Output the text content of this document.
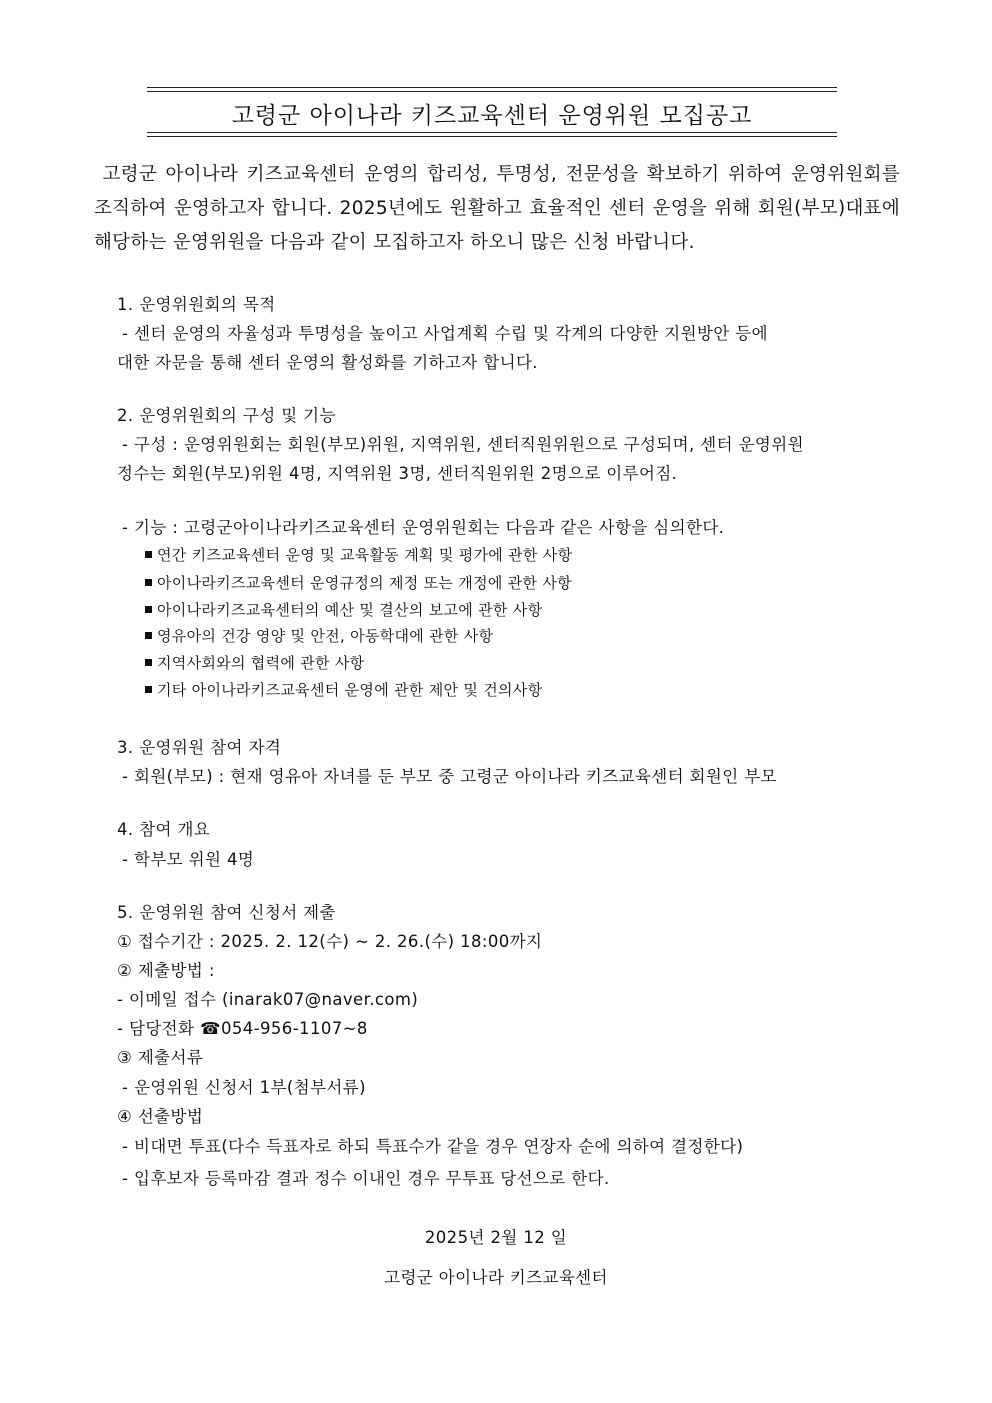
고령군 아이나라 키즈교육센터 운영위원 모집공고
고령군 아이나라 키즈교육센터 운영의 합리성, 투명성, 전문성을 확보하기 위하여 운영위원회를 조직하여 운영하고자 합니다. 2025년에도 원활하고 효율적인 센터 운영을 위해 회원(부모)대표에 해당하는 운영위원을 다음과 같이 모집하고자 하오니 많은 신청 바랍니다.
1. 운영위원회의 목적
- 센터 운영의 자율성과 투명성을 높이고 사업계획 수립 및 각계의 다양한 지원방안 등에
대한 자문을 통해 센터 운영의 활성화를 기하고자 합니다.
2. 운영위원회의 구성 및 기능
- 구성 : 운영위원회는 회원(부모)위원, 지역위원, 센터직원위원으로 구성되며, 센터 운영위원
정수는 회원(부모)위원 4명, 지역위원 3명, 센터직원위원 2명으로 이루어짐.
- 기능 : 고령군아이나라키즈교육센터 운영위원회는 다음과 같은 사항을 심의한다.
연간 키즈교육센터 운영 및 교육활동 계획 및 평가에 관한 사항
아이나라키즈교육센터 운영규정의 제정 또는 개정에 관한 사항
아이나라키즈교육센터의 예산 및 결산의 보고에 관한 사항
영유아의 건강 영양 및 안전, 아동학대에 관한 사항
지역사회와의 협력에 관한 사항
기타 아이나라키즈교육센터 운영에 관한 제안 및 건의사항
3. 운영위원 참여 자격
- 회원(부모) : 현재 영유아 자녀를 둔 부모 중 고령군 아이나라 키즈교육센터 회원인 부모
4. 참여 개요
- 학부모 위원 4명
5. 운영위원 참여 신청서 제출
① 접수기간 : 2025. 2. 12(수) ~ 2. 26.(수) 18:00까지
② 제출방법 :
- 이메일 접수 (inarak07@naver.com)
- 담당전화 ☎054-956-1107~8
③ 제출서류
- 운영위원 신청서 1부(첨부서류)
④ 선출방법
- 비대면 투표(다수 득표자로 하되 특표수가 같을 경우 연장자 순에 의하여 결정한다)
- 입후보자 등록마감 결과 정수 이내인 경우 무투표 당선으로 한다.
2025년 2월 12 일
고령군 아이나라 키즈교육센터
